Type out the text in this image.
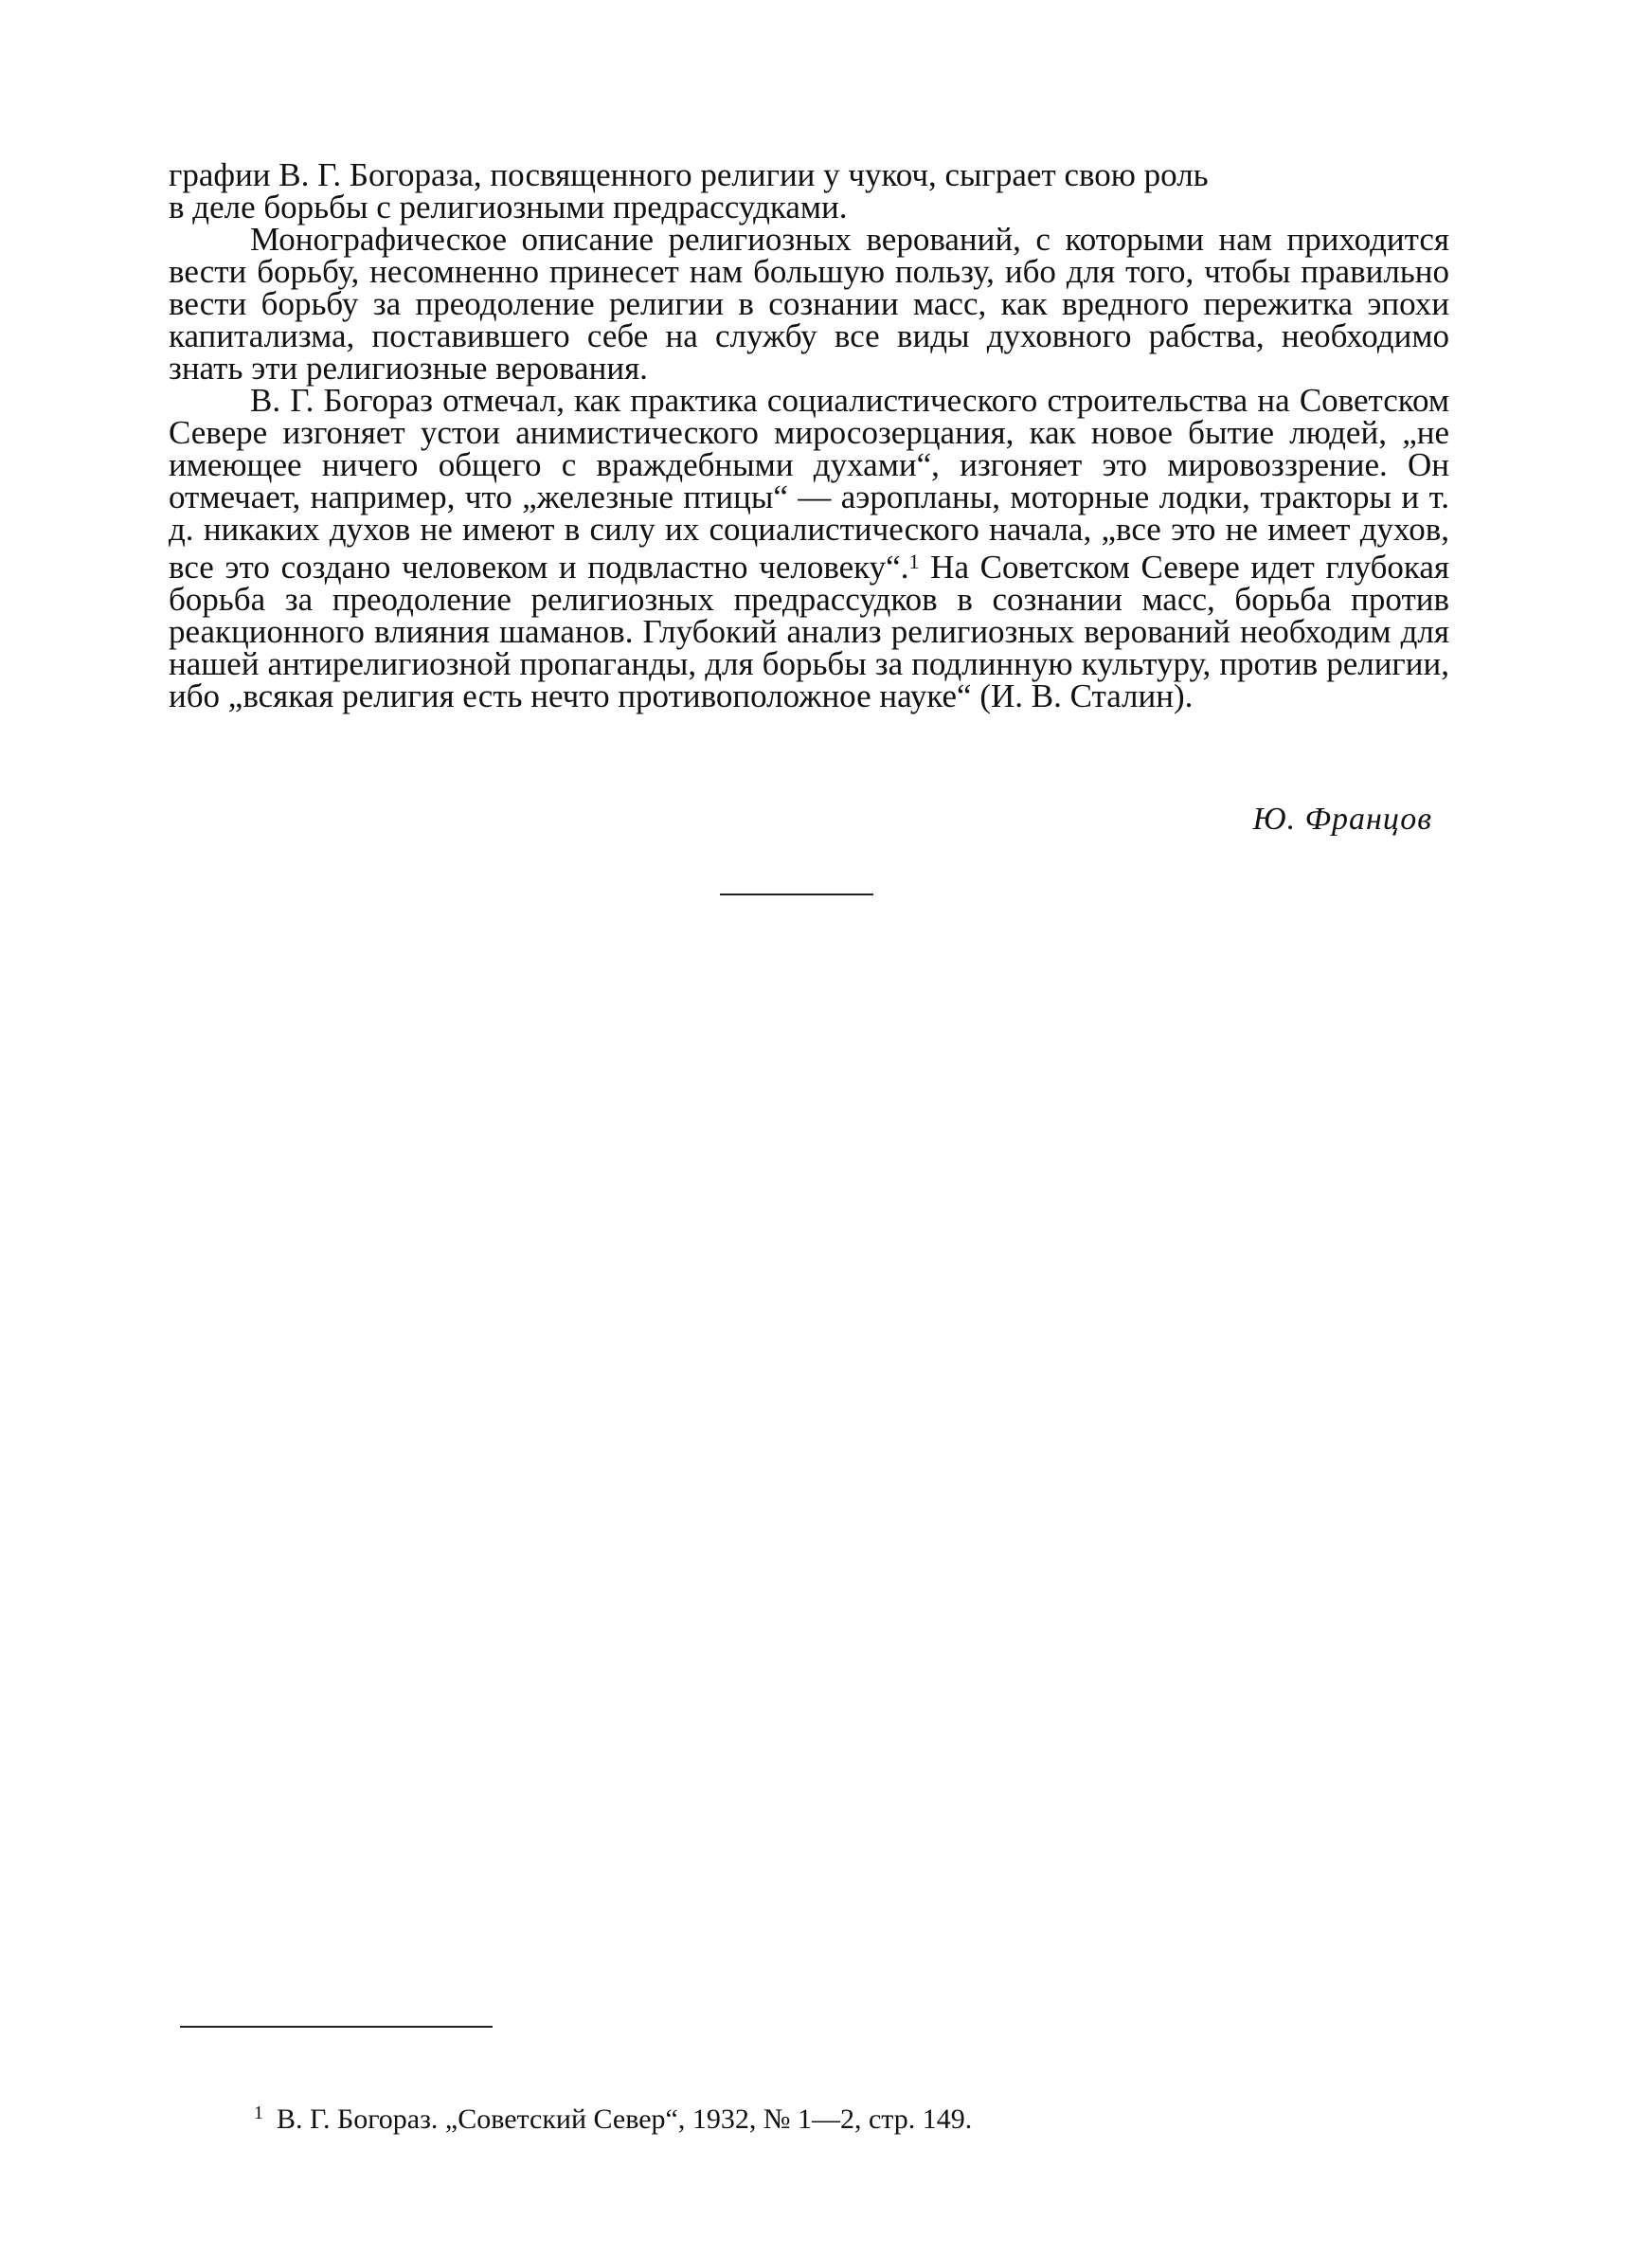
графии В. Г. Богораза, посвященного религии у чукоч, сыграет свою роль
в деле борьбы с религиозными предрассудками.

Монографическое описание религиозных верований, с которыми нам приходится вести борьбу, несомненно принесет нам большую пользу, ибо для того, чтобы правильно вести борьбу за преодоление религии в сознании масс, как вредного пережитка эпохи капитализма, поставившего себе на службу все виды духовного рабства, необходимо знать эти религиозные верования.

В. Г. Богораз отмечал, как практика социалистического строительства на Советском Севере изгоняет устои анимистического миросозерцания, как новое бытие людей, „не имеющее ничего общего с враждебными духами“, изгоняет это мировоззрение. Он отмечает, например, что „железные птицы“ — аэропланы, моторные лодки, тракторы и т. д. никаких духов не имеют в силу их социалистического начала, „все это не имеет духов, все это создано человеком и подвластно человеку“.$^1$ На Советском Севере идет глубокая борьба за преодоление религиозных предрассудков в сознании масс, борьба против реакционного влияния шаманов. Глубокий анализ религиозных верований необходим для нашей антирелигиозной пропаганды, для борьбы за подлинную культуру, против религии, ибо „всякая религия есть нечто противоположное науке“ (И. В. Сталин).

Ю. Францов
$^1$ В. Г. Богораз. „Советский Север“, 1932, № 1—2, стр. 149.
